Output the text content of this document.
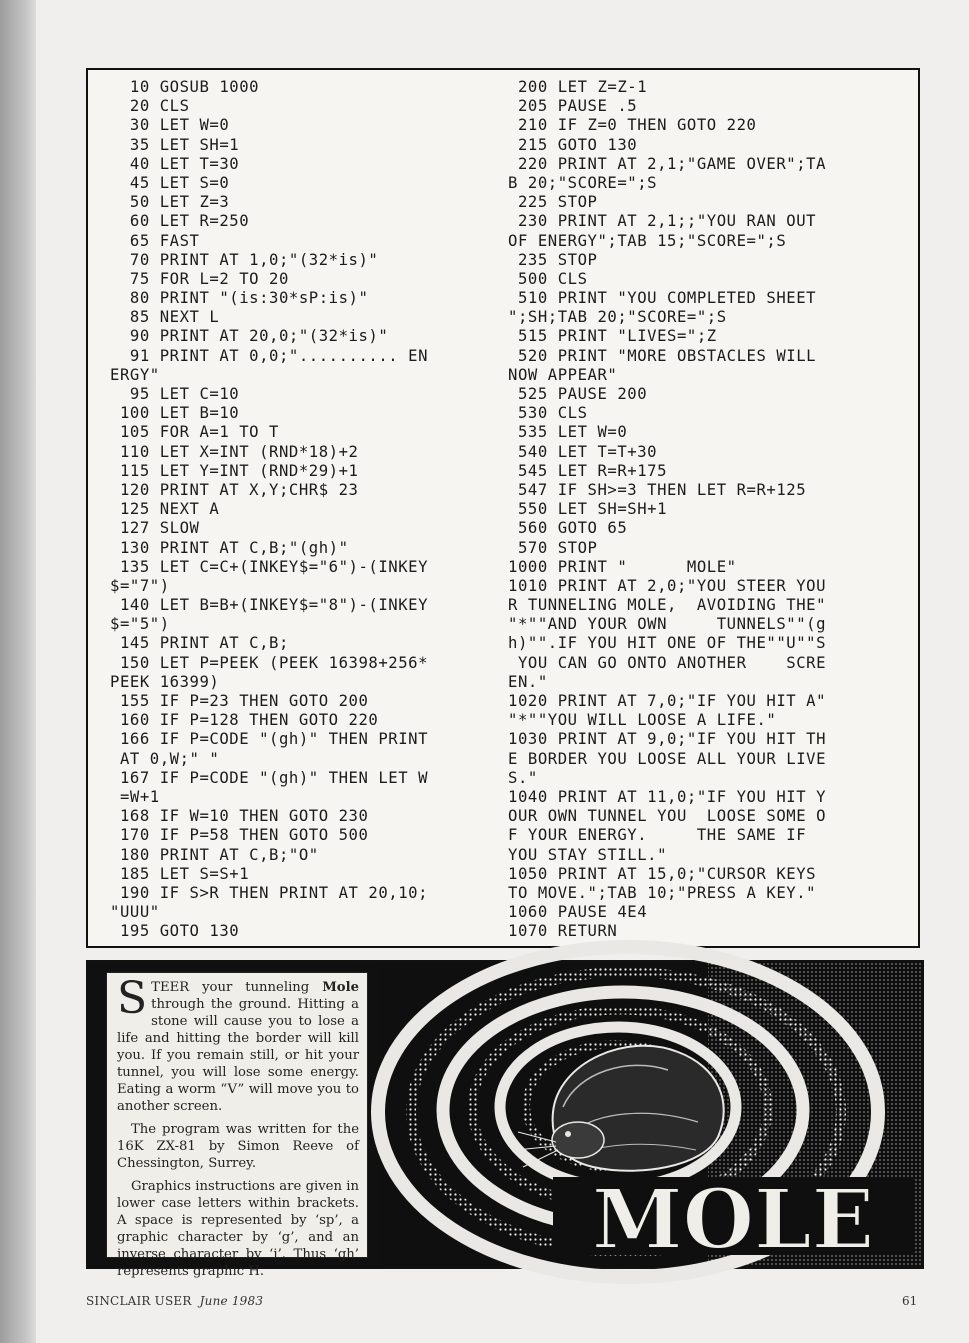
10 GOSUB 1000
20 CLS
30 LET W=0
35 LET SH=1
40 LET T=30
45 LET S=0
50 LET Z=3
60 LET R=250
65 FAST
70 PRINT AT 1,0;"(32*is)"
75 FOR L=2 TO 20
80 PRINT "(is:30*sP:is)"
85 NEXT L
90 PRINT AT 20,0;"(32*is)"
91 PRINT AT 0,0;".......... EN
ERGY"
95 LET C=10
100 LET B=10
105 FOR A=1 TO T
110 LET X=INT (RND*18)+2
115 LET Y=INT (RND*29)+1
120 PRINT AT X,Y;CHR$ 23
125 NEXT A
127 SLOW
130 PRINT AT C,B;"(gh)"
135 LET C=C+(INKEY$="6")-(INKEY
$="7")
140 LET B=B+(INKEY$="8")-(INKEY
$="5")
145 PRINT AT C,B;
150 LET P=PEEK (PEEK 16398+256*
PEEK 16399)
155 IF P=23 THEN GOTO 200
160 IF P=128 THEN GOTO 220
166 IF P=CODE "(gh)" THEN PRINT
AT 0,W;" "
167 IF P=CODE "(gh)" THEN LET W
=W+1
168 IF W=10 THEN GOTO 230
170 IF P=58 THEN GOTO 500
180 PRINT AT C,B;"O"
185 LET S=S+1
190 IF S>R THEN PRINT AT 20,10;
"UUU"
195 GOTO 130
200 LET Z=Z-1
205 PAUSE .5
210 IF Z=0 THEN GOTO 220
215 GOTO 130
220 PRINT AT 2,1;"GAME OVER";TA
B 20;"SCORE=";S
225 STOP
230 PRINT AT 2,1;;"YOU RAN OUT
OF ENERGY";TAB 15;"SCORE=";S
235 STOP
500 CLS
510 PRINT "YOU COMPLETED SHEET
";SH;TAB 20;"SCORE=";S
515 PRINT "LIVES=";Z
520 PRINT "MORE OBSTACLES WILL
NOW APPEAR"
525 PAUSE 200
530 CLS
535 LET W=0
540 LET T=T+30
545 LET R=R+175
547 IF SH>=3 THEN LET R=R+125
550 LET SH=SH+1
560 GOTO 65
570 STOP
1000 PRINT "      MOLE"
1010 PRINT AT 2,0;"YOU STEER YOU
R TUNNELING MOLE,  AVOIDING THE"
"*""AND YOUR OWN     TUNNELS""(g
h)"".IF YOU HIT ONE OF THE""U""S
YOU CAN GO ONTO ANOTHER    SCRE
EN."
1020 PRINT AT 7,0;"IF YOU HIT A"
"*""YOU WILL LOOSE A LIFE."
1030 PRINT AT 9,0;"IF YOU HIT TH
E BORDER YOU LOOSE ALL YOUR LIVE
S."
1040 PRINT AT 11,0;"IF YOU HIT Y
OUR OWN TUNNEL YOU  LOOSE SOME O
F YOUR ENERGY.     THE SAME IF
YOU STAY STILL."
1050 PRINT AT 15,0;"CURSOR KEYS
TO MOVE.";TAB 10;"PRESS A KEY."
1060 PAUSE 4E4
1070 RETURN

STEER your tunneling Mole through the ground. Hitting a stone will cause you to lose a life and hitting the border will kill you. If you remain still, or hit your tunnel, you will lose some energy. Eating a worm “V” will move you to another screen.

The program was written for the 16K ZX-81 by Simon Reeve of Chessington, Surrey.

Graphics instructions are given in lower case letters within brackets. A space is represented by ‘sp’, a graphic character by ‘g’, and an inverse character by ‘i’. Thus ‘gh’ represents graphic H.

MOLE
SINCLAIR USER June 1983	61
